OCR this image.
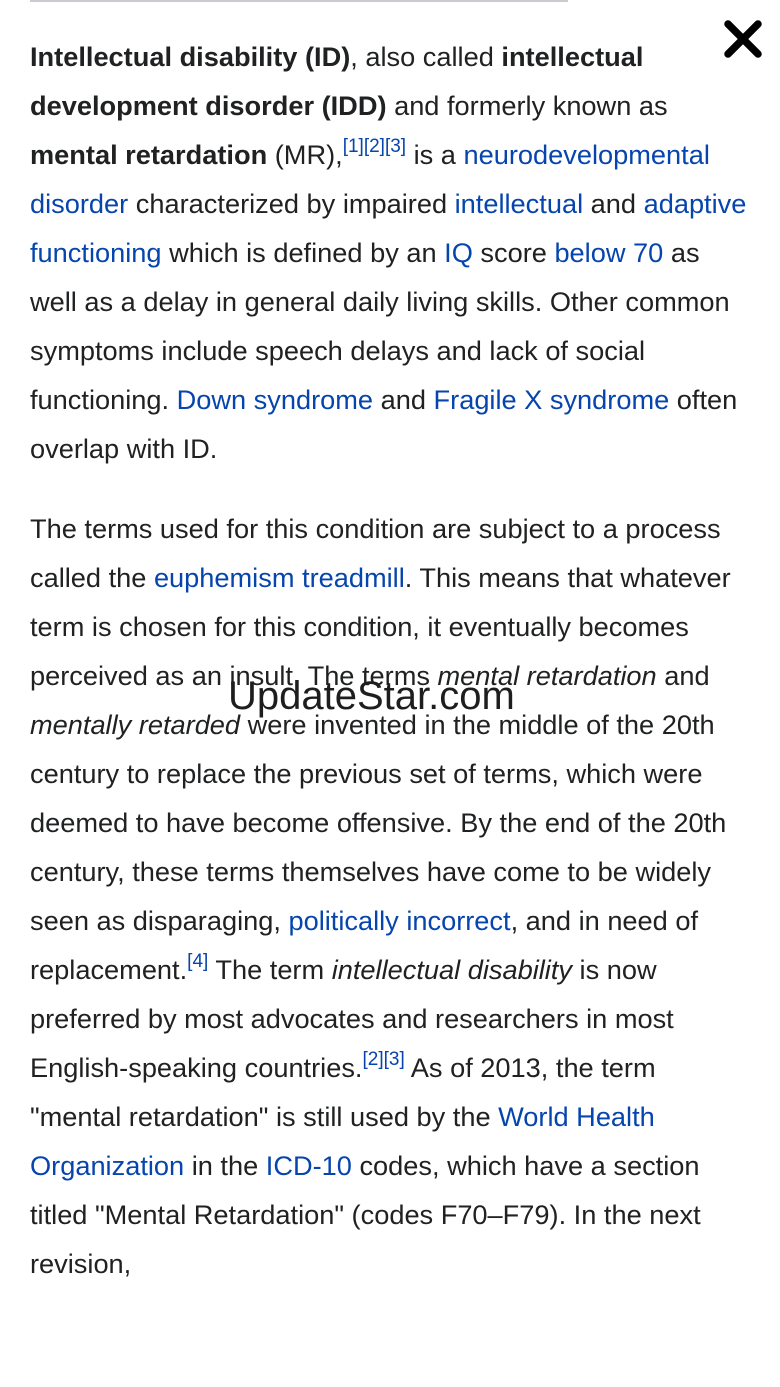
Intellectual disability (ID), also called intellectual development disorder (IDD) and formerly known as mental retardation (MR),[1][2][3] is a neurodevelopmental disorder characterized by impaired intellectual and adaptive functioning which is defined by an IQ score below 70 as well as a delay in general daily living skills. Other common symptoms include speech delays and lack of social functioning. Down syndrome and Fragile X syndrome often overlap with ID.

The terms used for this condition are subject to a process called the euphemism treadmill. This means that whatever term is chosen for this condition, it eventually becomes perceived as an insult. The terms mental retardation and mentally retarded were invented in the middle of the 20th century to replace the previous set of terms, which were deemed to have become offensive. By the end of the 20th century, these terms themselves have come to be widely seen as disparaging, politically incorrect, and in need of replacement.[4] The term intellectual disability is now preferred by most advocates and researchers in most English-speaking countries.[2][3] As of 2013, the term "mental retardation" is still used by the World Health Organization in the ICD-10 codes, which have a section titled "Mental Retardation" (codes F70–F79). In the next revision,

UpdateStar.com
